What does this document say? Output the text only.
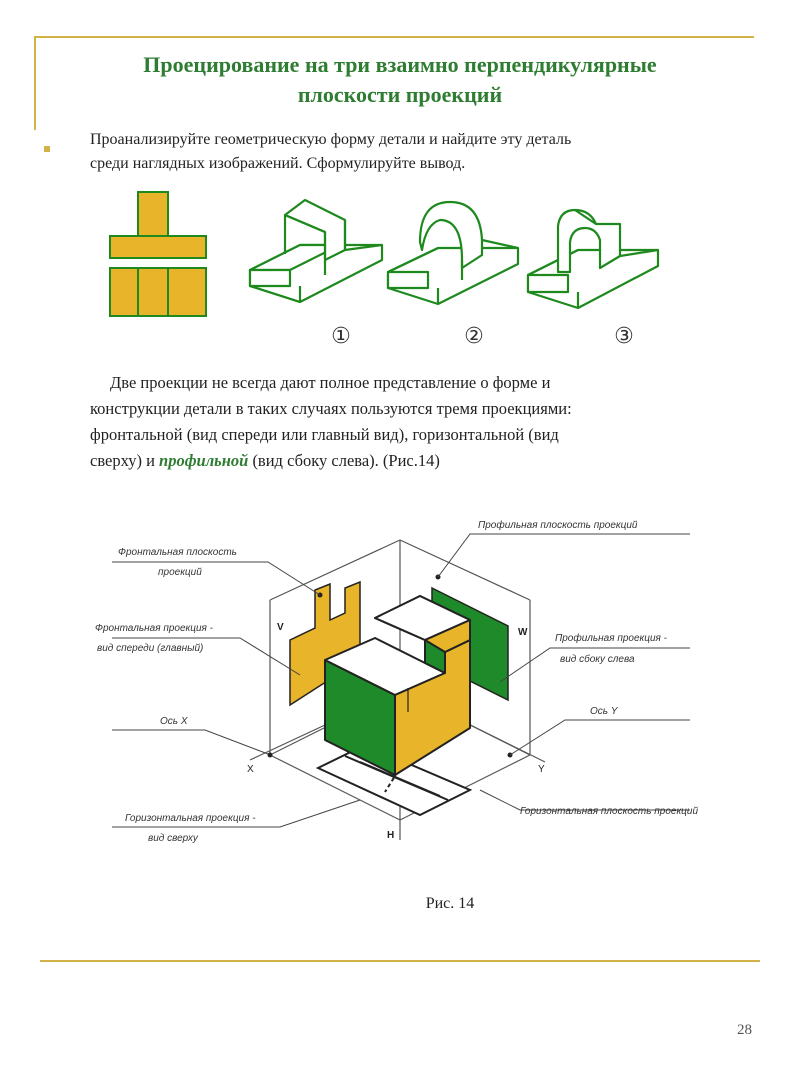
Проецирование на три взаимно перпендикулярные
плоскости проекций
Проанализируйте геометрическую форму детали и найдите эту деталь
среди наглядных изображений. Сформулируйте вывод.
①	②	③
Две проекции не всегда дают полное представление о форме и
конструкции детали в таких случаях пользуются тремя проекциями:
фронтальной (вид спереди или главный вид), горизонтальной (вид
сверху) и профильной (вид сбоку слева). (Рис.14)
V	W
H
X	Y
Фронтальная плоскость
проекций
Фронтальная проекция -
вид спереди (главный)
Ось X
Горизонтальная проекция -
вид сверху
Профильная плоскость проекций
Профильная проекция -
вид сбоку слева
Ось Y
Горизонтальная плоскость проекций
Рис. 14
28
